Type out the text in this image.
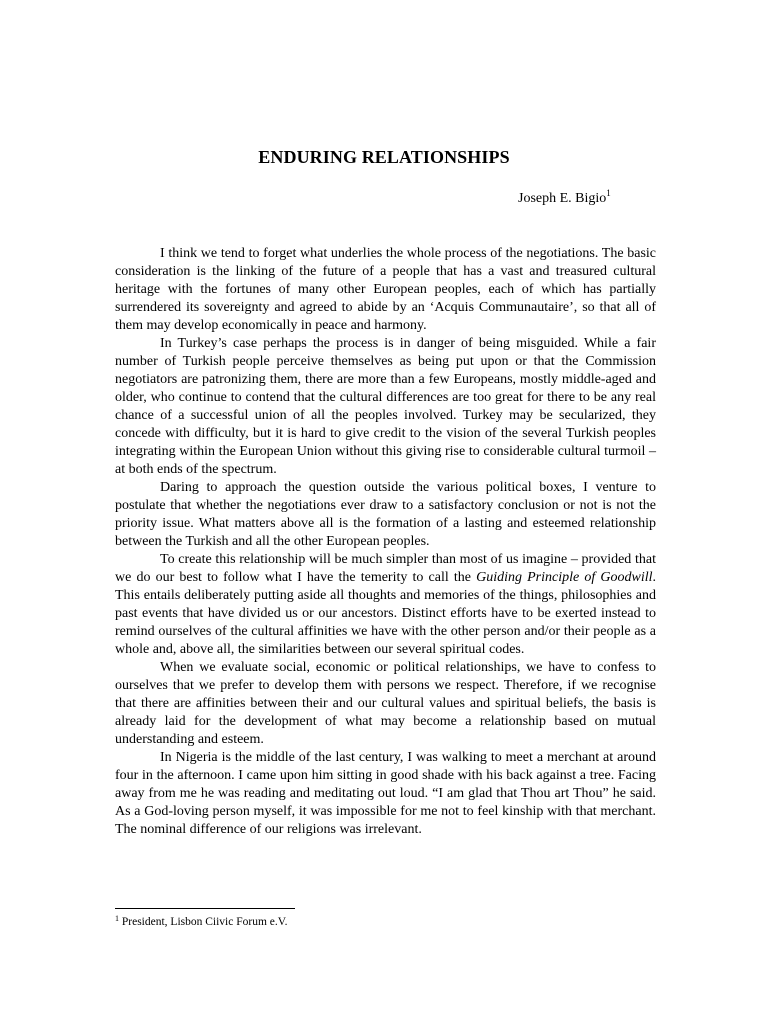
ENDURING RELATIONSHIPS
Joseph E. Bigio$^1$

I think we tend to forget what underlies the whole process of the negotiations. The basic consideration is the linking of the future of a people that has a vast and treasured cultural heritage with the fortunes of many other European peoples, each of which has partially surrendered its sovereignty and agreed to abide by an ‘Acquis Communautaire’, so that all of them may develop economically in peace and harmony.

In Turkey’s case perhaps the process is in danger of being misguided. While a fair number of Turkish people perceive themselves as being put upon or that the Commission negotiators are patronizing them, there are more than a few Europeans, mostly middle-aged and older, who continue to contend that the cultural differences are too great for there to be any real chance of a successful union of all the peoples involved. Turkey may be secularized, they concede with difficulty, but it is hard to give credit to the vision of the several Turkish peoples integrating within the European Union without this giving rise to considerable cultural turmoil – at both ends of the spectrum.

Daring to approach the question outside the various political boxes, I venture to postulate that whether the negotiations ever draw to a satisfactory conclusion or not is not the priority issue. What matters above all is the formation of a lasting and esteemed relationship between the Turkish and all the other European peoples.

To create this relationship will be much simpler than most of us imagine – provided that we do our best to follow what I have the temerity to call the Guiding Principle of Goodwill. This entails deliberately putting aside all thoughts and memories of the things, philosophies and past events that have divided us or our ancestors. Distinct efforts have to be exerted instead to remind ourselves of the cultural affinities we have with the other person and/or their people as a whole and, above all, the similarities between our several spiritual codes.

When we evaluate social, economic or political relationships, we have to confess to ourselves that we prefer to develop them with persons we respect. Therefore, if we recognise that there are affinities between their and our cultural values and spiritual beliefs, the basis is already laid for the development of what may become a relationship based on mutual understanding and esteem.

In Nigeria is the middle of the last century, I was walking to meet a merchant at around four in the afternoon. I came upon him sitting in good shade with his back against a tree. Facing away from me he was reading and meditating out loud. “I am glad that Thou art Thou” he said. As a God-loving person myself, it was impossible for me not to feel kinship with that merchant. The nominal difference of our religions was irrelevant.

$^1$ President, Lisbon Ciivic Forum e.V.
